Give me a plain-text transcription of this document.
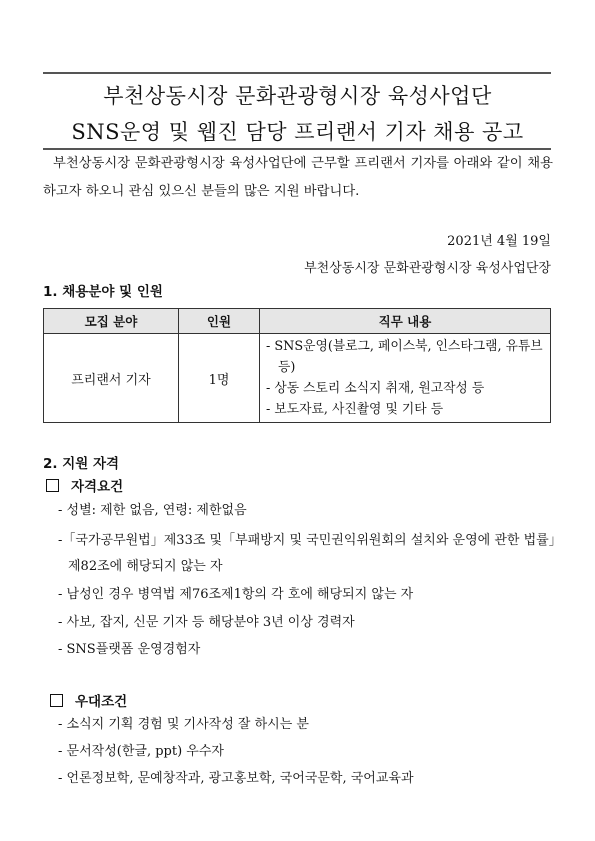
부천상동시장 문화관광형시장 육성사업단
SNS운영 및 웹진 담당 프리랜서 기자 채용 공고
부천상동시장 문화관광형시장 육성사업단에 근무할 프리랜서 기자를 아래와 같이 채용하고자 하오니 관심 있으신 분들의 많은 지원 바랍니다.
2021년 4월 19일
부천상동시장 문화관광형시장 육성사업단장
1. 채용분야 및 인원
모집 분야	인원	직무 내용
프리랜서 기자	1명	- SNS운영(블로그, 페이스북, 인스타그램, 유튜브 등)
- 상동 스토리 소식지 취재, 원고작성 등
- 보도자료, 사진촬영 및 기타 등
2. 지원 자격
자격요건
- 성별: 제한 없음, 연령: 제한없음
-「국가공무원법」제33조 및「부패방지 및 국민권익위원회의 설치와 운영에 관한 법률」제82조에 해당되지 않는 자
- 남성인 경우 병역법 제76조제1항의 각 호에 해당되지 않는 자
- 사보, 잡지, 신문 기자 등 해당분야 3년 이상 경력자
- SNS플랫폼 운영경험자
우대조건
- 소식지 기획 경험 및 기사작성 잘 하시는 분
- 문서작성(한글, ppt) 우수자
- 언론정보학, 문예창작과, 광고홍보학, 국어국문학, 국어교육과
